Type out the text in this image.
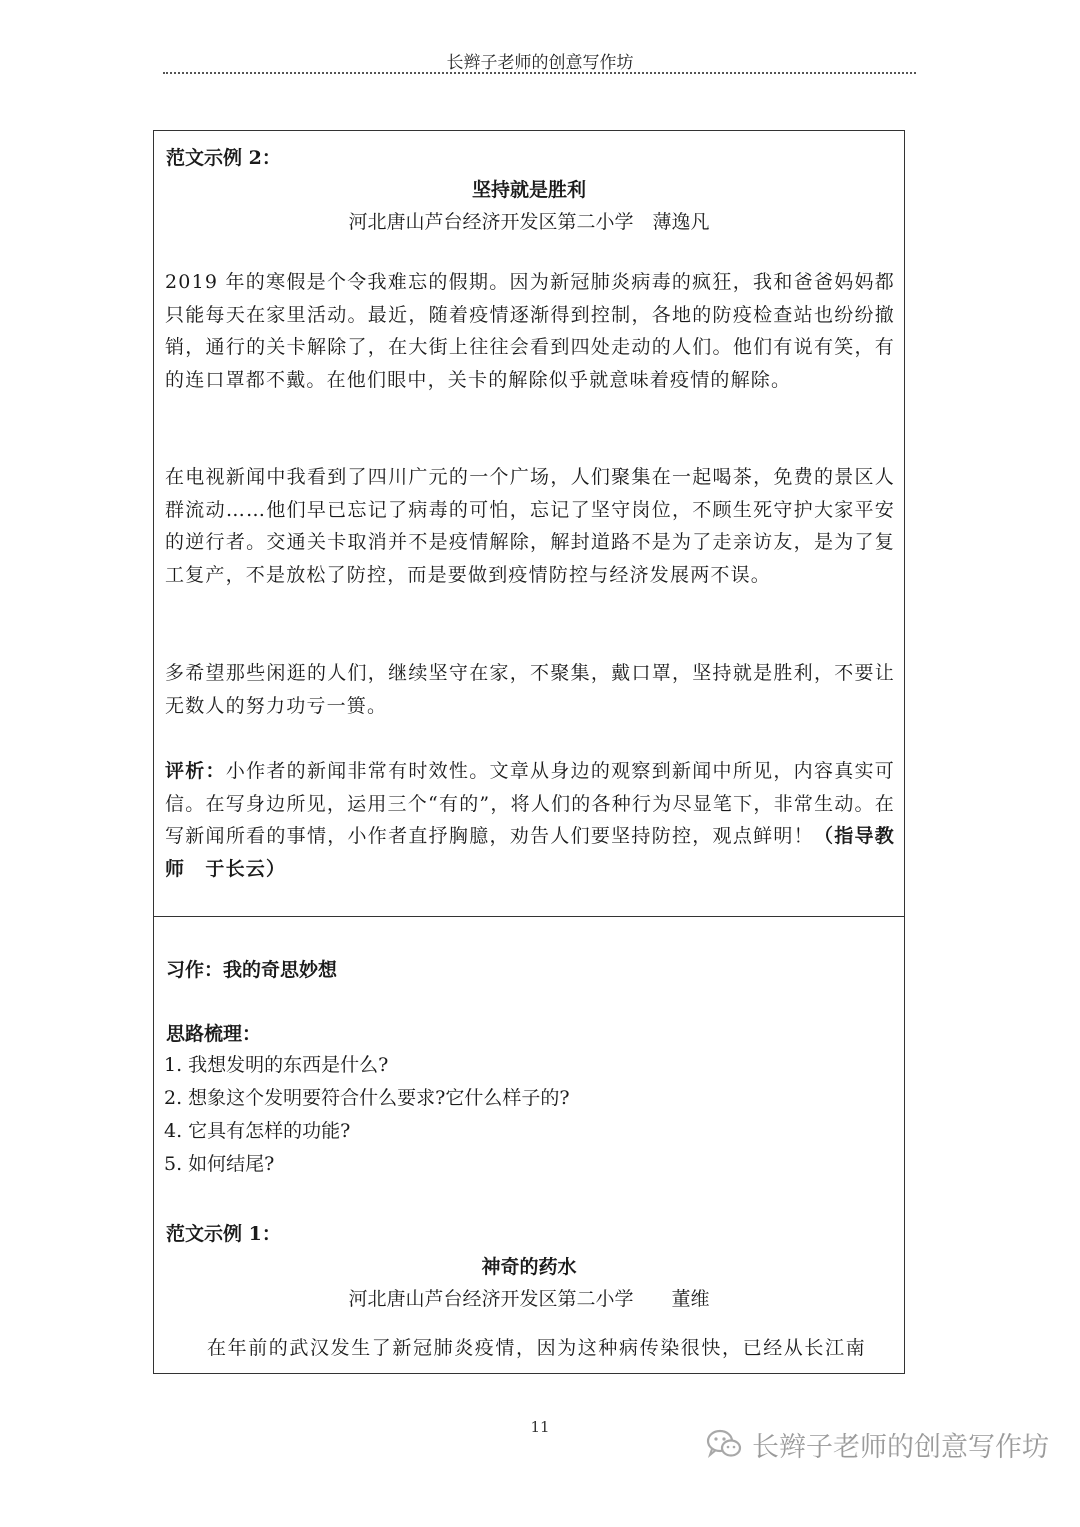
长辫子老师的创意写作坊
范文示例 2：
坚持就是胜利
河北唐山芦台经济开发区第二小学　薄逸凡
2019 年的寒假是个令我难忘的假期。因为新冠肺炎病毒的疯狂，我和爸爸妈妈都只能每天在家里活动。最近，随着疫情逐渐得到控制，各地的防疫检查站也纷纷撤销，通行的关卡解除了，在大街上往往会看到四处走动的人们。他们有说有笑，有的连口罩都不戴。在他们眼中，关卡的解除似乎就意味着疫情的解除。
在电视新闻中我看到了四川广元的一个广场，人们聚集在一起喝茶，免费的景区人群流动……他们早已忘记了病毒的可怕，忘记了坚守岗位，不顾生死守护大家平安的逆行者。交通关卡取消并不是疫情解除，解封道路不是为了走亲访友，是为了复工复产，不是放松了防控，而是要做到疫情防控与经济发展两不误。
多希望那些闲逛的人们，继续坚守在家，不聚集，戴口罩，坚持就是胜利，不要让无数人的努力功亏一篑。
评析：小作者的新闻非常有时效性。文章从身边的观察到新闻中所见，内容真实可信。在写身边所见，运用三个“有的”，将人们的各种行为尽显笔下，非常生动。在写新闻所看的事情，小作者直抒胸臆，劝告人们要坚持防控，观点鲜明！（指导教师　于长云）
习作：我的奇思妙想
思路梳理：
1. 我想发明的东西是什么?
2. 想象这个发明要符合什么要求?它什么样子的?
4. 它具有怎样的功能?
5. 如何结尾?
范文示例 1：
神奇的药水
河北唐山芦台经济开发区第二小学　　董维
在年前的武汉发生了新冠肺炎疫情，因为这种病传染很快，已经从长江南
11
长辫子老师的创意写作坊
